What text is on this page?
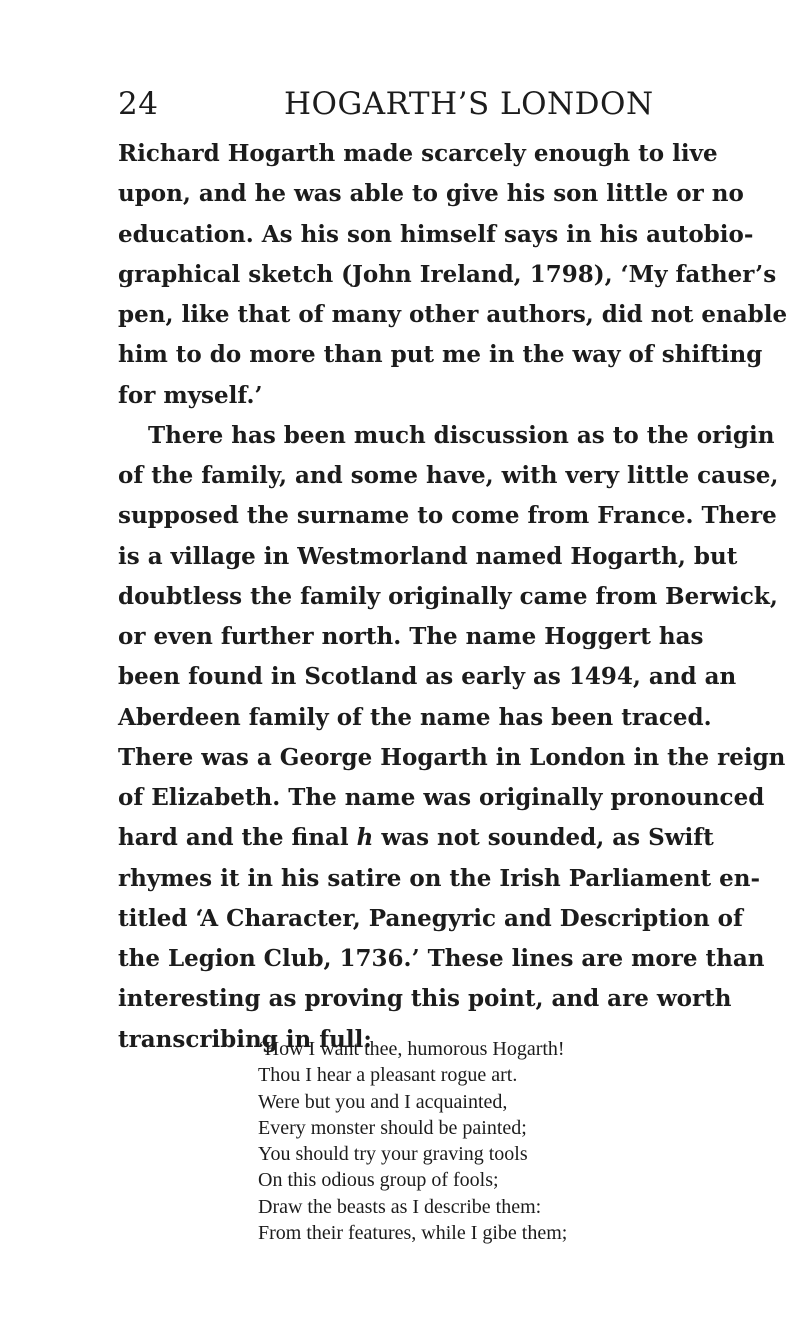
24	HOGARTH’S LONDON
Richard Hogarth made scarcely enough to live
upon, and he was able to give his son little or no
education. As his son himself says in his autobio-
graphical sketch (John Ireland, 1798), ‘My father’s
pen, like that of many other authors, did not enable
him to do more than put me in the way of shifting
for myself.’
There has been much discussion as to the origin
of the family, and some have, with very little cause,
supposed the surname to come from France. There
is a village in Westmorland named Hogarth, but
doubtless the family originally came from Berwick,
or even further north. The name Hoggert has
been found in Scotland as early as 1494, and an
Aberdeen family of the name has been traced.
There was a George Hogarth in London in the reign
of Elizabeth. The name was originally pronounced
hard and the final h was not sounded, as Swift
rhymes it in his satire on the Irish Parliament en-
titled ‘A Character, Panegyric and Description of
the Legion Club, 1736.’ These lines are more than
interesting as proving this point, and are worth
transcribing in full:
‘How I want thee, humorous Hogarth!
Thou I hear a pleasant rogue art.
Were but you and I acquainted,
Every monster should be painted;
You should try your graving tools
On this odious group of fools;
Draw the beasts as I describe them:
From their features, while I gibe them;
